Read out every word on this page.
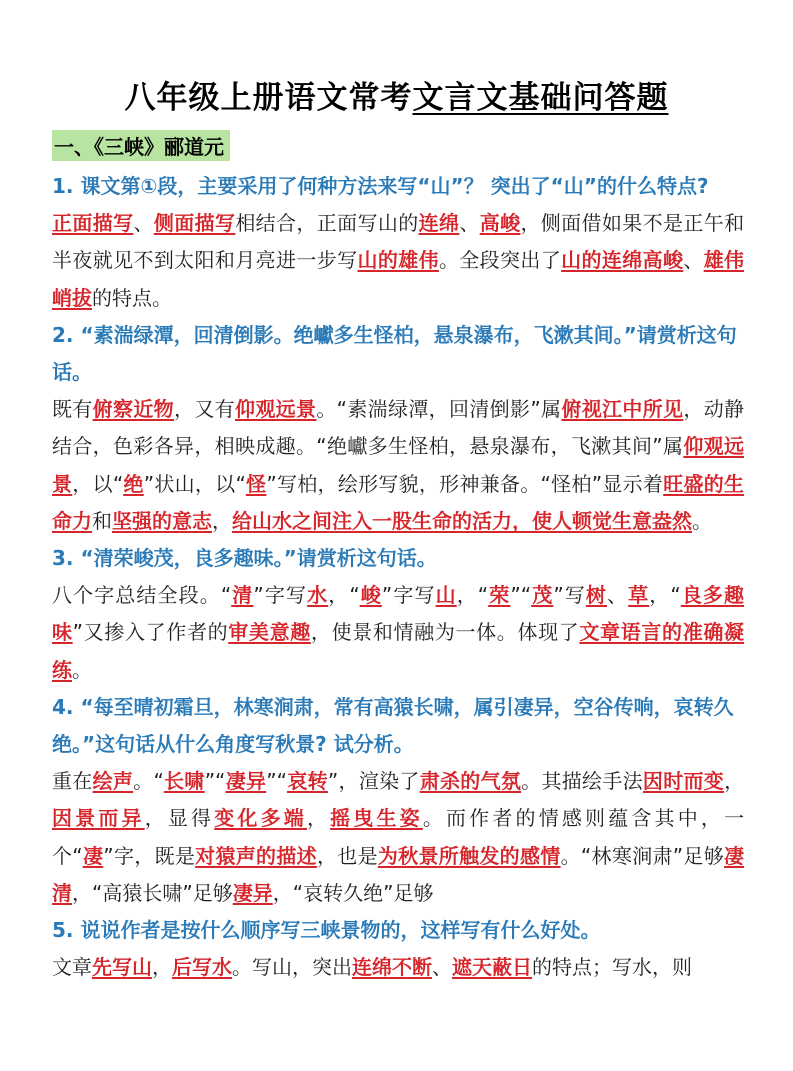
八年级上册语文常考文言文基础问答题
一、《三峡》郦道元
1. 课文第①段，主要采用了何种方法来写“山”？ 突出了“山”的什么特点?
正面描写、侧面描写相结合，正面写山的连绵、高峻，侧面借如果不是正午和半夜就见不到太阳和月亮进一步写山的雄伟。全段突出了山的连绵高峻、雄伟峭拔的特点。
2. “素湍绿潭，回清倒影。绝巘多生怪柏，悬泉瀑布，飞漱其间。”请赏析这句话。
既有俯察近物，又有仰观远景。“素湍绿潭，回清倒影”属俯视江中所见，动静结合，色彩各异，相映成趣。“绝巘多生怪柏，悬泉瀑布，飞漱其间”属仰观远景，以“绝”状山，以“怪”写柏，绘形写貌，形神兼备。“怪柏”显示着旺盛的生命力和坚强的意志，给山水之间注入一股生命的活力，使人顿觉生意盎然。
3. “清荣峻茂，良多趣味。”请赏析这句话。
八个字总结全段。“清”字写水，“峻”字写山，“荣”“茂”写树、草，“良多趣味”又掺入了作者的审美意趣，使景和情融为一体。体现了文章语言的准确凝练。
4. “每至晴初霜旦，林寒涧肃，常有高猿长啸，属引凄异，空谷传响，哀转久绝。”这句话从什么角度写秋景? 试分析。
重在绘声。“长啸”“凄异”“哀转”，渲染了肃杀的气氛。其描绘手法因时而变，因景而异，显得变化多端，摇曳生姿。而作者的情感则蕴含其中，一个“凄”字，既是对猿声的描述，也是为秋景所触发的感情。“林寒涧肃”足够凄清，“高猿长啸”足够凄异，“哀转久绝”足够
5. 说说作者是按什么顺序写三峡景物的，这样写有什么好处。
文章先写山，后写水。写山，突出连绵不断、遮天蔽日的特点；写水，则
